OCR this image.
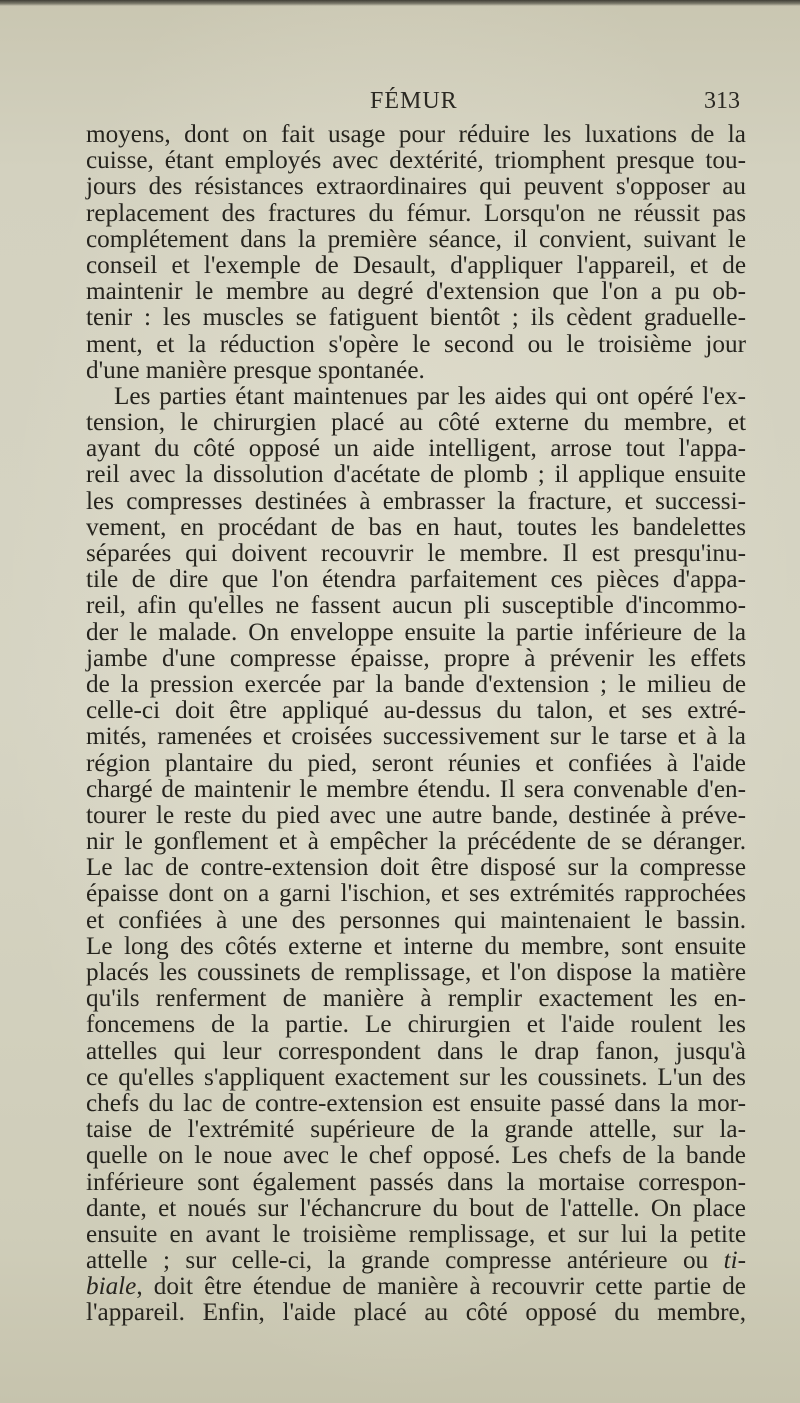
FÉMUR	313
moyens, dont on fait usage pour réduire les luxations de la
cuisse, étant employés avec dextérité, triomphent presque tou-
jours des résistances extraordinaires qui peuvent s'opposer au
replacement des fractures du fémur. Lorsqu'on ne réussit pas
complétement dans la première séance, il convient, suivant le
conseil et l'exemple de Desault, d'appliquer l'appareil, et de
maintenir le membre au degré d'extension que l'on a pu ob-
tenir : les muscles se fatiguent bientôt ; ils cèdent graduelle-
ment, et la réduction s'opère le second ou le troisième jour
d'une manière presque spontanée.
Les parties étant maintenues par les aides qui ont opéré l'ex-
tension, le chirurgien placé au côté externe du membre, et
ayant du côté opposé un aide intelligent, arrose tout l'appa-
reil avec la dissolution d'acétate de plomb ; il applique ensuite
les compresses destinées à embrasser la fracture, et successi-
vement, en procédant de bas en haut, toutes les bandelettes
séparées qui doivent recouvrir le membre. Il est presqu'inu-
tile de dire que l'on étendra parfaitement ces pièces d'appa-
reil, afin qu'elles ne fassent aucun pli susceptible d'incommo-
der le malade. On enveloppe ensuite la partie inférieure de la
jambe d'une compresse épaisse, propre à prévenir les effets
de la pression exercée par la bande d'extension ; le milieu de
celle-ci doit être appliqué au-dessus du talon, et ses extré-
mités, ramenées et croisées successivement sur le tarse et à la
région plantaire du pied, seront réunies et confiées à l'aide
chargé de maintenir le membre étendu. Il sera convenable d'en-
tourer le reste du pied avec une autre bande, destinée à préve-
nir le gonflement et à empêcher la précédente de se déranger.
Le lac de contre-extension doit être disposé sur la compresse
épaisse dont on a garni l'ischion, et ses extrémités rapprochées
et confiées à une des personnes qui maintenaient le bassin.
Le long des côtés externe et interne du membre, sont ensuite
placés les coussinets de remplissage, et l'on dispose la matière
qu'ils renferment de manière à remplir exactement les en-
foncemens de la partie. Le chirurgien et l'aide roulent les
attelles qui leur correspondent dans le drap fanon, jusqu'à
ce qu'elles s'appliquent exactement sur les coussinets. L'un des
chefs du lac de contre-extension est ensuite passé dans la mor-
taise de l'extrémité supérieure de la grande attelle, sur la-
quelle on le noue avec le chef opposé. Les chefs de la bande
inférieure sont également passés dans la mortaise correspon-
dante, et noués sur l'échancrure du bout de l'attelle. On place
ensuite en avant le troisième remplissage, et sur lui la petite
attelle ; sur celle-ci, la grande compresse antérieure ou ti-
biale, doit être étendue de manière à recouvrir cette partie de
l'appareil. Enfin, l'aide placé au côté opposé du membre,
